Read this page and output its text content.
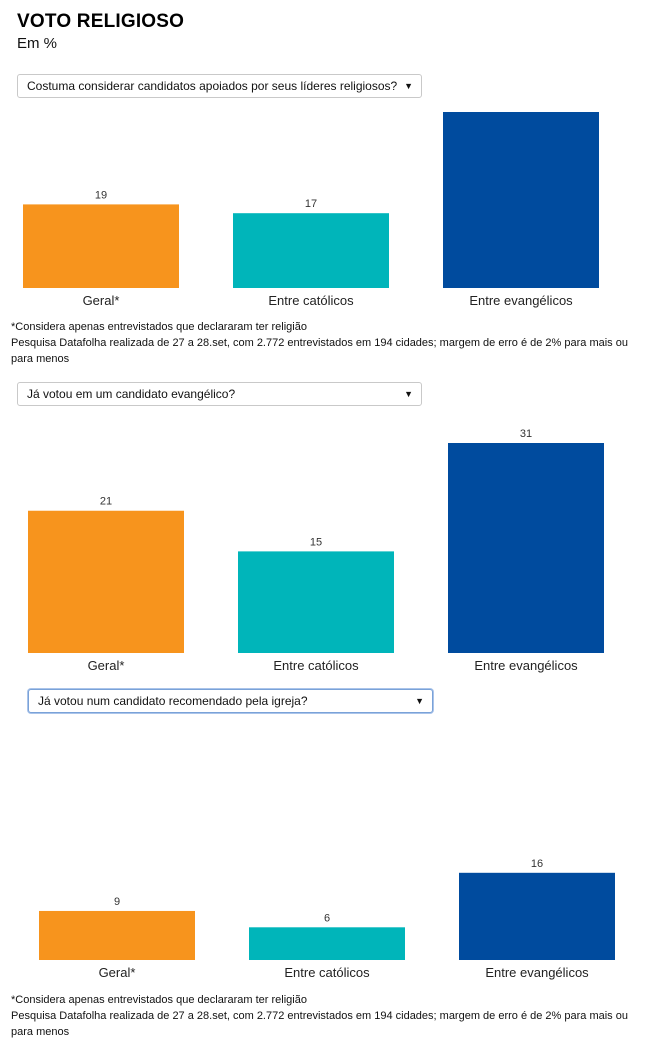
VOTO RELIGIOSO

Em %

Costuma considerar candidatos apoiados por seus líderes religiosos? ▼
19
Geral*
17
Entre católicos	Entre evangélicos

*Considera apenas entrevistados que declararam ter religião
Pesquisa Datafolha realizada de 27 a 28.set, com 2.772 entrevistados em 194 cidades; margem de erro é de 2% para mais ou para menos

Já votou em um candidato evangélico?	▼
21
Geral*
15
Entre católicos
31
Entre evangélicos
Já votou num candidato recomendado pela igreja?	▼
9
Geral*
6
Entre católicos
16
Entre evangélicos

*Considera apenas entrevistados que declararam ter religião
Pesquisa Datafolha realizada de 27 a 28.set, com 2.772 entrevistados em 194 cidades; margem de erro é de 2% para mais ou para menos
